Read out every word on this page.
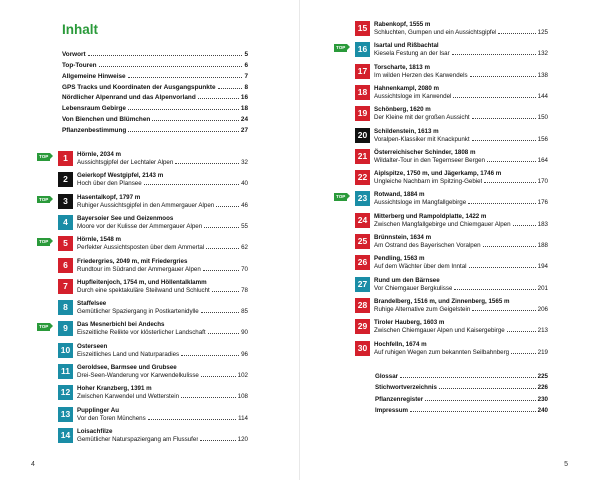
Inhalt
Vorwort	5
Top-Touren	6
Allgemeine Hinweise	7
GPS Tracks und Koordinaten der Ausgangspunkte	8
Nördlicher Alpenrand und das Alpenvorland	16
Lebensraum Gebirge	18
Von Bienchen und Blümchen	24
Pflanzenbestimmung	27
TOP	1	Hörnle, 2034 m
Aussichtsgipfel der Lechtaler Alpen	32
2	Geierkopf Westgipfel, 2143 m
Hoch über den Plansee	40
TOP	3	Hasentalkopf, 1797 m
Ruhiger Aussichtsgipfel in den Ammergauer Alpen	46
4	Bayersoier See und Geizenmoos
Moore vor der Kulisse der Ammergauer Alpen	55
TOP	5	Hörnle, 1548 m
Perfekter Aussichtsposten über dem Ammertal	62
6	Friedergries, 2049 m, mit Friedergries
Rundtour im Südrand der Ammergauer Alpen	70
7	Hupfleitenjoch, 1754 m, und Höllentalklamm
Durch eine spektakuläre Steilwand und Schlucht	78
8	Staffelsee
Gemütlicher Spaziergang in Postkartenidylle	85
TOP	9	Das Mesnerbichl bei Andechs
Eiszeitliche Relikte vor klösterlicher Landschaft	90
10	Osterseen
Eiszeitliches Land und Naturparadies	96
11	Geroldsee, Barmsee und Grubsee
Drei-Seen-Wanderung vor Karwendelkulisse	102
12	Hoher Kranzberg, 1391 m
Zwischen Karwendel und Wetterstein	108
13	Pupplinger Au
Vor den Toren Münchens	114
14	Loisachfilze
Gemütlicher Naturspaziergang am Flussufer	120
4
15	Rabenkopf, 1555 m
Schluchten, Gumpen und ein Aussichtsgipfel	125
TOP	16	Isartal und Rißbachtal
Kiesela Festung an der Isar	132
17	Torscharte, 1813 m
Im wilden Herzen des Karwendels	138
18	Hahnenkampl, 2080 m
Aussichtsloge im Karwendel	144
19	Schönberg, 1620 m
Der Kleine mit der großen Aussicht	150
20	Schildenstein, 1613 m
Voralpen-Klassiker mit Knackpunkt	156
21	Österreichischer Schinder, 1808 m
Wildalter-Tour in den Tegernseer Bergen	164
22	Aiplspitze, 1750 m, und Jägerkamp, 1746 m
Ungleiche Nachbarn im Spitzing-Gebiet	170
TOP	23	Rotwand, 1884 m
Aussichtsloge im Mangfallgebirge	176
24	Mitterberg und Rampoldplatte, 1422 m
Zwischen Mangfallgebirge und Chiemgauer Alpen	183
25	Brünnstein, 1634 m
Am Ostrand des Bayerischen Voralpen	188
26	Pendling, 1563 m
Auf dem Wächter über dem Inntal	194
27	Rund um den Bärnsee
Vor Chiemgauer Bergkulisse	201
28	Brandelberg, 1516 m, und Zinnenberg, 1565 m
Ruhige Alternative zum Geigelstein	206
29	Tiroler Hauberg, 1603 m
Zwischen Chiemgauer Alpen und Kaisergebirge	213
30	Hochfelln, 1674 m
Auf ruhigen Wegen zum bekannten Seilbahnberg	219
Glossar	225
Stichwortverzeichnis	226
Pflanzenregister	230
Impressum	240
5
